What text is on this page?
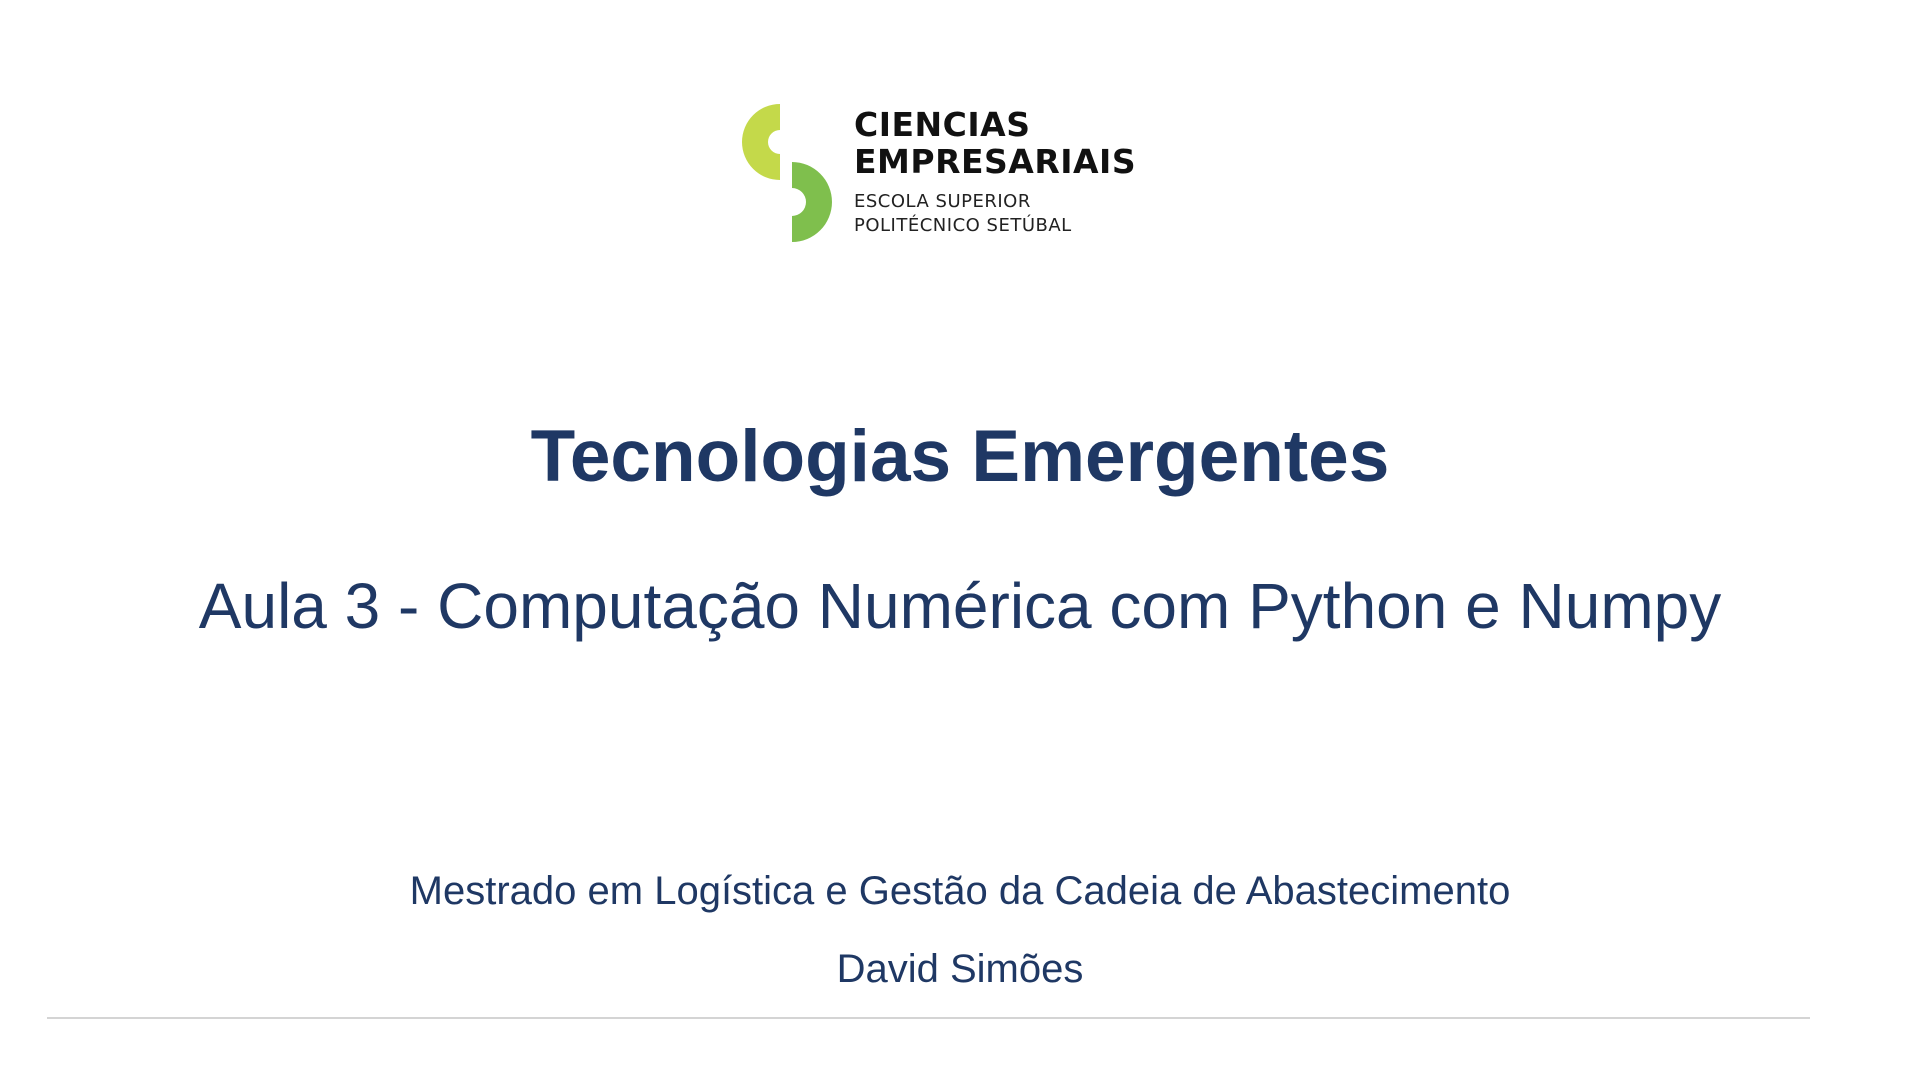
CIENCIAS
EMPRESARIAIS
ESCOLA SUPERIOR
POLITÉCNICO SETÚBAL
Tecnologias Emergentes
Aula 3 - Computação Numérica com Python e Numpy
Mestrado em Logística e Gestão da Cadeia de Abastecimento
David Simões
